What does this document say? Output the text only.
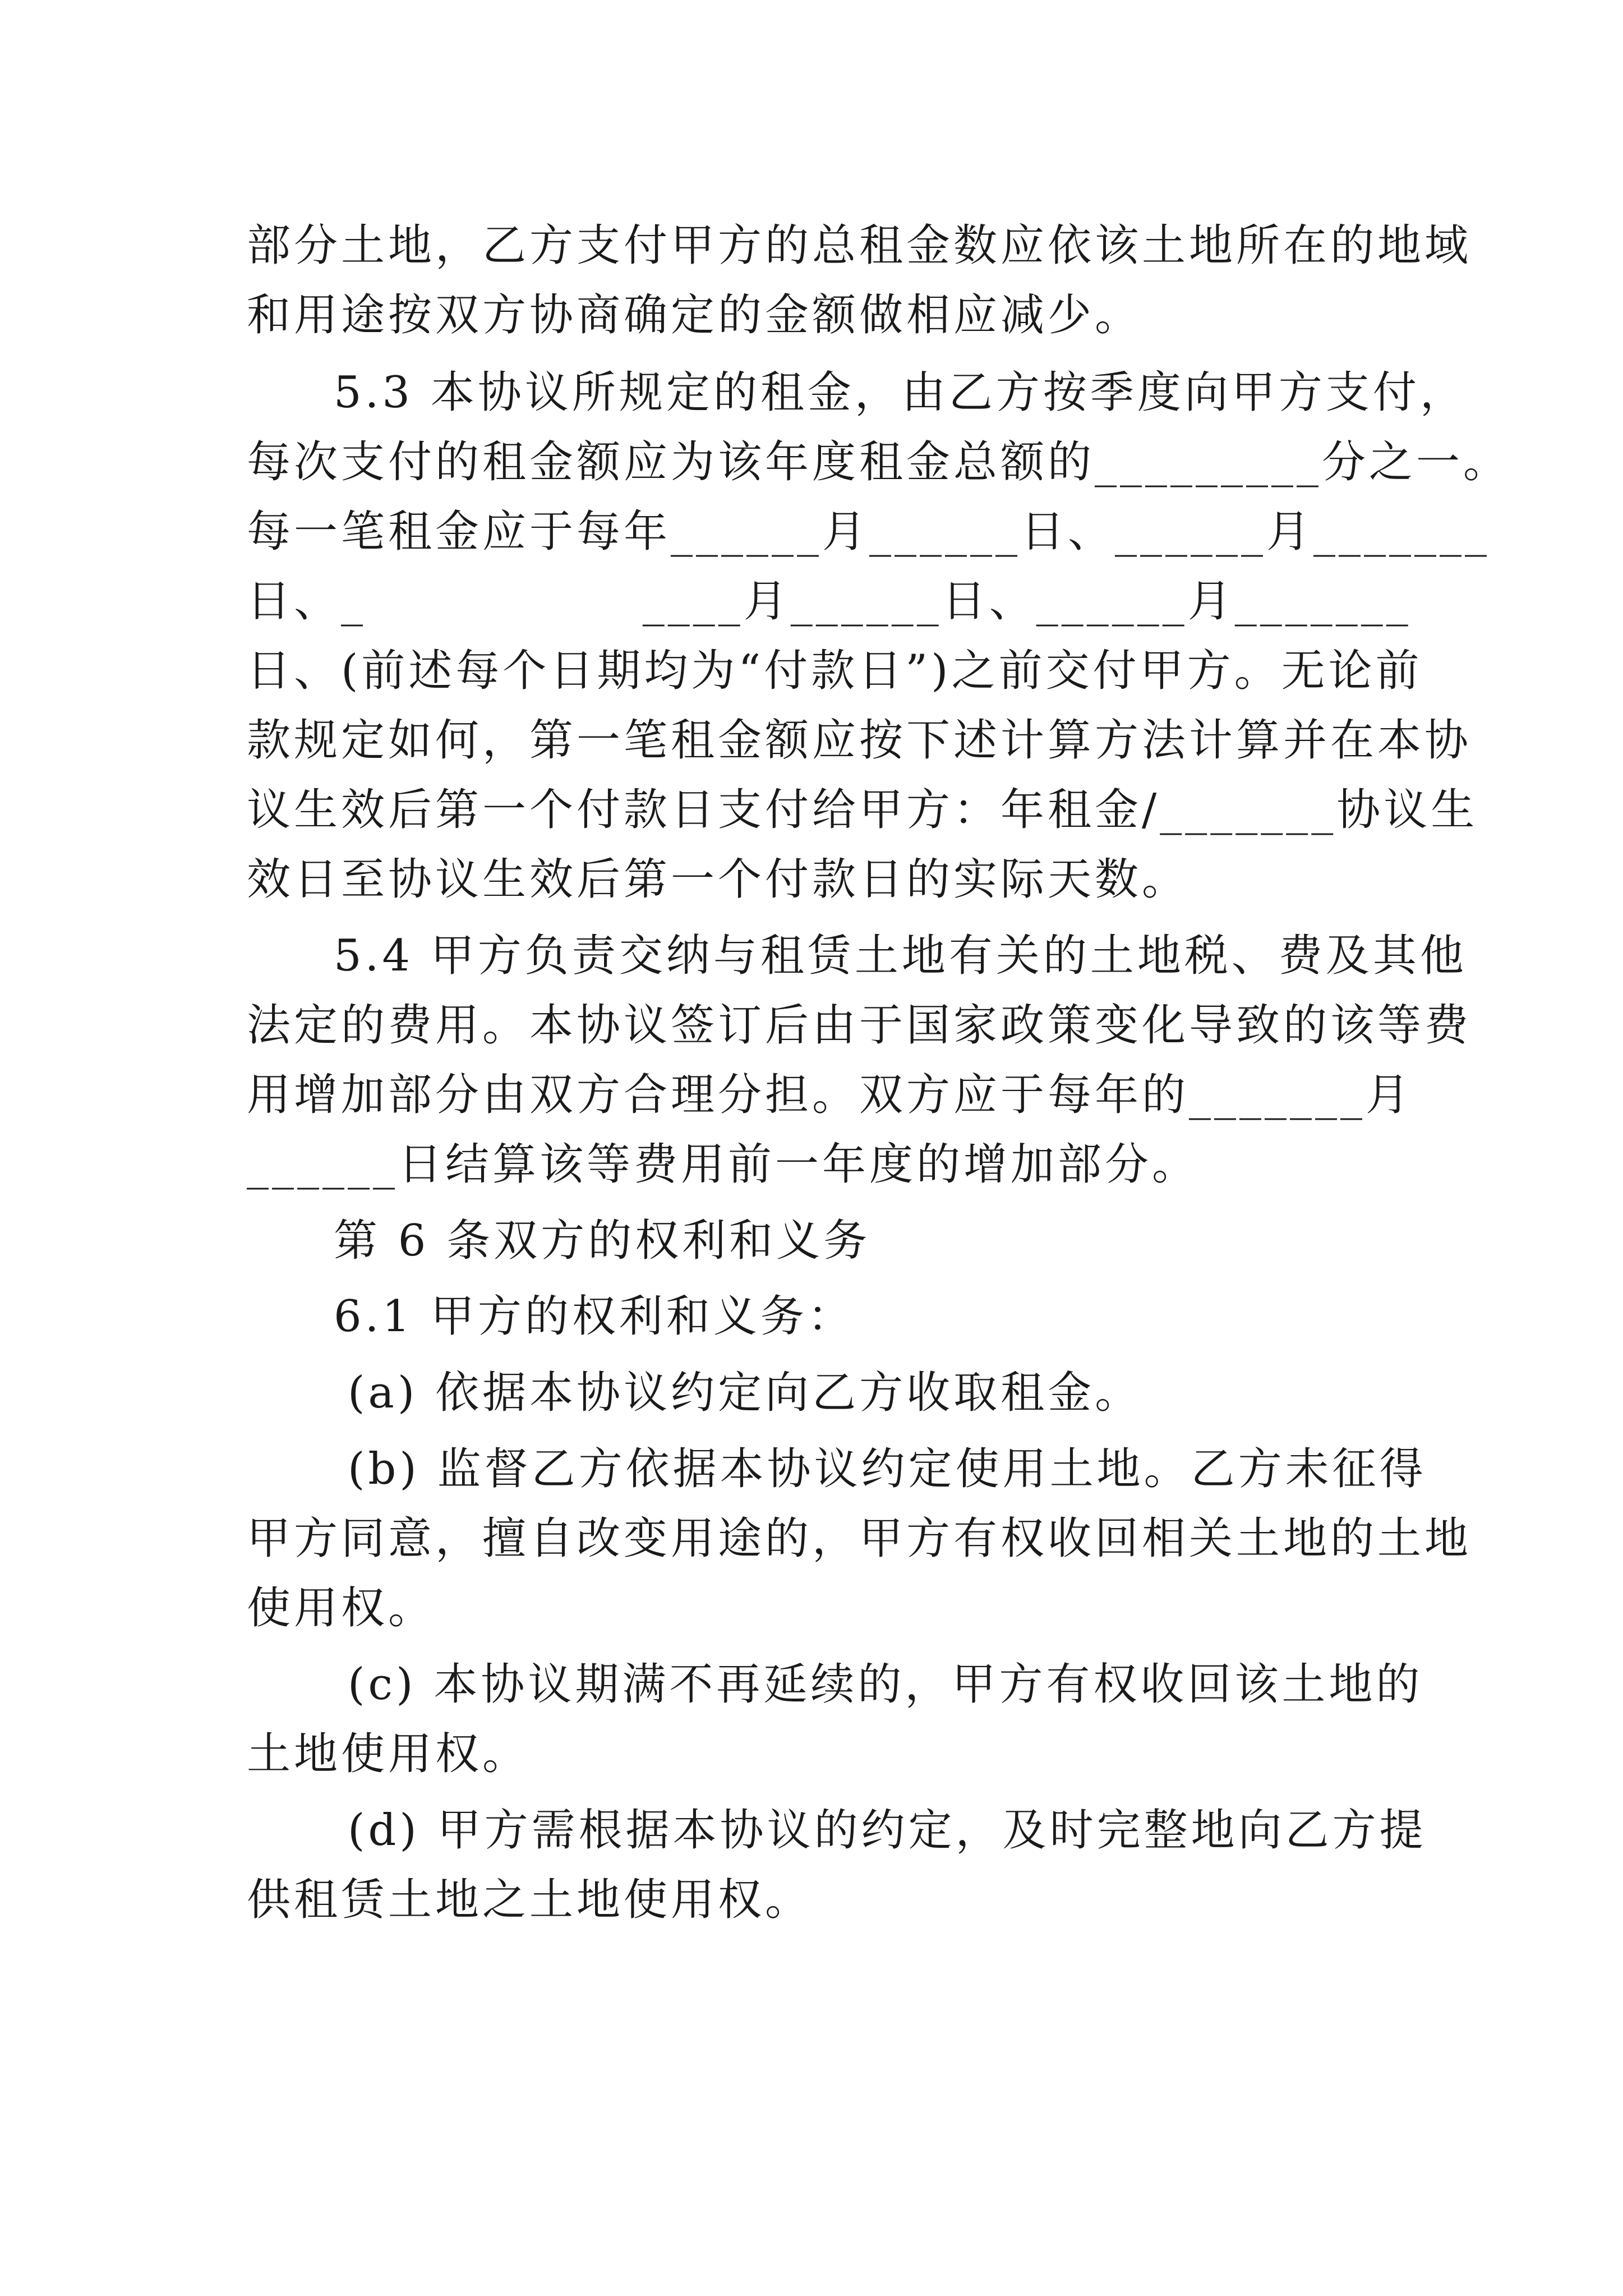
部分土地，乙方支付甲方的总租金数应依该土地所在的地域
和用途按双方协商确定的金额做相应减少。
5.3 本协议所规定的租金，由乙方按季度向甲方支付，
每次支付的租金额应为该年度租金总额的_________分之一。
每一笔租金应于每年______月______日、______月_______
日、_                ____月______日、______月_______
日、(前述每个日期均为“付款日”)之前交付甲方。无论前
款规定如何，第一笔租金额应按下述计算方法计算并在本协
议生效后第一个付款日支付给甲方：年租金/_______协议生
效日至协议生效后第一个付款日的实际天数。
5.4 甲方负责交纳与租赁土地有关的土地税、费及其他
法定的费用。本协议签订后由于国家政策变化导致的该等费
用增加部分由双方合理分担。双方应于每年的_______月
______日结算该等费用前一年度的增加部分。
第 6 条双方的权利和义务
6.1 甲方的权利和义务：
(a) 依据本协议约定向乙方收取租金。
(b) 监督乙方依据本协议约定使用土地。乙方未征得
甲方同意，擅自改变用途的，甲方有权收回相关土地的土地
使用权。
(c) 本协议期满不再延续的，甲方有权收回该土地的
土地使用权。
(d) 甲方需根据本协议的约定，及时完整地向乙方提
供租赁土地之土地使用权。
